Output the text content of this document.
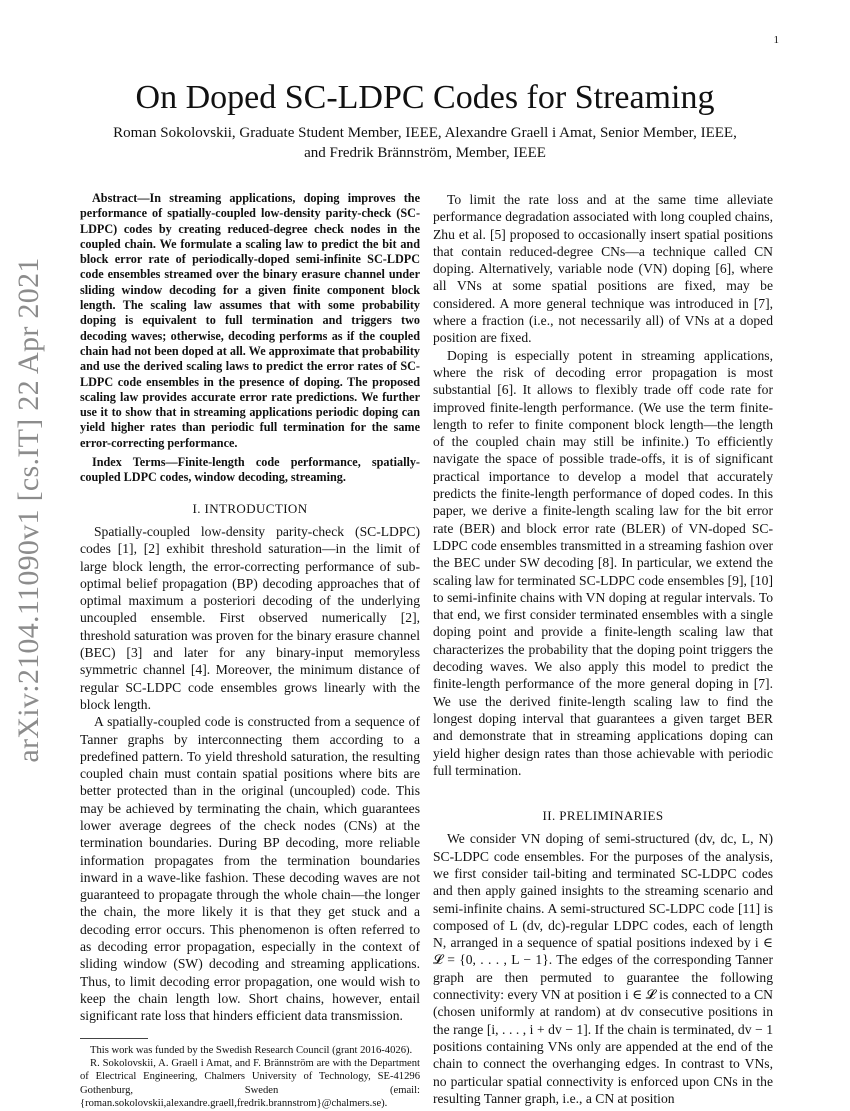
1
arXiv:2104.11090v1 [cs.IT] 22 Apr 2021
On Doped SC-LDPC Codes for Streaming
Roman Sokolovskii, Graduate Student Member, IEEE, Alexandre Graell i Amat, Senior Member, IEEE,
and Fredrik Brännström, Member, IEEE

Abstract—In streaming applications, doping improves the performance of spatially-coupled low-density parity-check (SC-LDPC) codes by creating reduced-degree check nodes in the coupled chain. We formulate a scaling law to predict the bit and block error rate of periodically-doped semi-infinite SC-LDPC code ensembles streamed over the binary erasure channel under sliding window decoding for a given finite component block length. The scaling law assumes that with some probability doping is equivalent to full termination and triggers two decoding waves; otherwise, decoding performs as if the coupled chain had not been doped at all. We approximate that probability and use the derived scaling laws to predict the error rates of SC-LDPC code ensembles in the presence of doping. The proposed scaling law provides accurate error rate predictions. We further use it to show that in streaming applications periodic doping can yield higher rates than periodic full termination for the same error-correcting performance.

Index Terms—Finite-length code performance, spatially-coupled LDPC codes, window decoding, streaming.

I. INTRODUCTION

Spatially-coupled low-density parity-check (SC-LDPC) codes [1], [2] exhibit threshold saturation—in the limit of large block length, the error-correcting performance of sub-optimal belief propagation (BP) decoding approaches that of optimal maximum a posteriori decoding of the underlying uncoupled ensemble. First observed numerically [2], threshold saturation was proven for the binary erasure channel (BEC) [3] and later for any binary-input memoryless symmetric channel [4]. Moreover, the minimum distance of regular SC-LDPC code ensembles grows linearly with the block length.

A spatially-coupled code is constructed from a sequence of Tanner graphs by interconnecting them according to a predefined pattern. To yield threshold saturation, the resulting coupled chain must contain spatial positions where bits are better protected than in the original (uncoupled) code. This may be achieved by terminating the chain, which guarantees lower average degrees of the check nodes (CNs) at the termination boundaries. During BP decoding, more reliable information propagates from the termination boundaries inward in a wave-like fashion. These decoding waves are not guaranteed to propagate through the whole chain—the longer the chain, the more likely it is that they get stuck and a decoding error occurs. This phenomenon is often referred to as decoding error propagation, especially in the context of sliding window (SW) decoding and streaming applications. Thus, to limit decoding error propagation, one would wish to keep the chain length low. Short chains, however, entail significant rate loss that hinders efficient data transmission.

This work was funded by the Swedish Research Council (grant 2016-4026).

R. Sokolovskii, A. Graell i Amat, and F. Brännström are with the Department of Electrical Engineering, Chalmers University of Technology, SE-41296 Gothenburg, Sweden (email: {roman.sokolovskii,alexandre.graell,fredrik.brannstrom}@chalmers.se).

To limit the rate loss and at the same time alleviate performance degradation associated with long coupled chains, Zhu et al. [5] proposed to occasionally insert spatial positions that contain reduced-degree CNs—a technique called CN doping. Alternatively, variable node (VN) doping [6], where all VNs at some spatial positions are fixed, may be considered. A more general technique was introduced in [7], where a fraction (i.e., not necessarily all) of VNs at a doped position are fixed.

Doping is especially potent in streaming applications, where the risk of decoding error propagation is most substantial [6]. It allows to flexibly trade off code rate for improved finite-length performance. (We use the term finite-length to refer to finite component block length—the length of the coupled chain may still be infinite.) To efficiently navigate the space of possible trade-offs, it is of significant practical importance to develop a model that accurately predicts the finite-length performance of doped codes. In this paper, we derive a finite-length scaling law for the bit error rate (BER) and block error rate (BLER) of VN-doped SC-LDPC code ensembles transmitted in a streaming fashion over the BEC under SW decoding [8]. In particular, we extend the scaling law for terminated SC-LDPC code ensembles [9], [10] to semi-infinite chains with VN doping at regular intervals. To that end, we first consider terminated ensembles with a single doping point and provide a finite-length scaling law that characterizes the probability that the doping point triggers the decoding waves. We also apply this model to predict the finite-length performance of the more general doping in [7]. We use the derived finite-length scaling law to find the longest doping interval that guarantees a given target BER and demonstrate that in streaming applications doping can yield higher design rates than those achievable with periodic full termination.

II. PRELIMINARIES

We consider VN doping of semi-structured (dv, dc, L, N) SC-LDPC code ensembles. For the purposes of the analysis, we first consider tail-biting and terminated SC-LDPC codes and then apply gained insights to the streaming scenario and semi-infinite chains. A semi-structured SC-LDPC code [11] is composed of L (dv, dc)-regular LDPC codes, each of length N, arranged in a sequence of spatial positions indexed by i ∈ 𝓛 = {0, . . . , L − 1}. The edges of the corresponding Tanner graph are then permuted to guarantee the following connectivity: every VN at position i ∈ 𝓛 is connected to a CN (chosen uniformly at random) at dv consecutive positions in the range [i, . . . , i + dv − 1]. If the chain is terminated, dv − 1 positions containing VNs only are appended at the end of the chain to connect the overhanging edges. In contrast to VNs, no particular spatial connectivity is enforced upon CNs in the resulting Tanner graph, i.e., a CN at position
